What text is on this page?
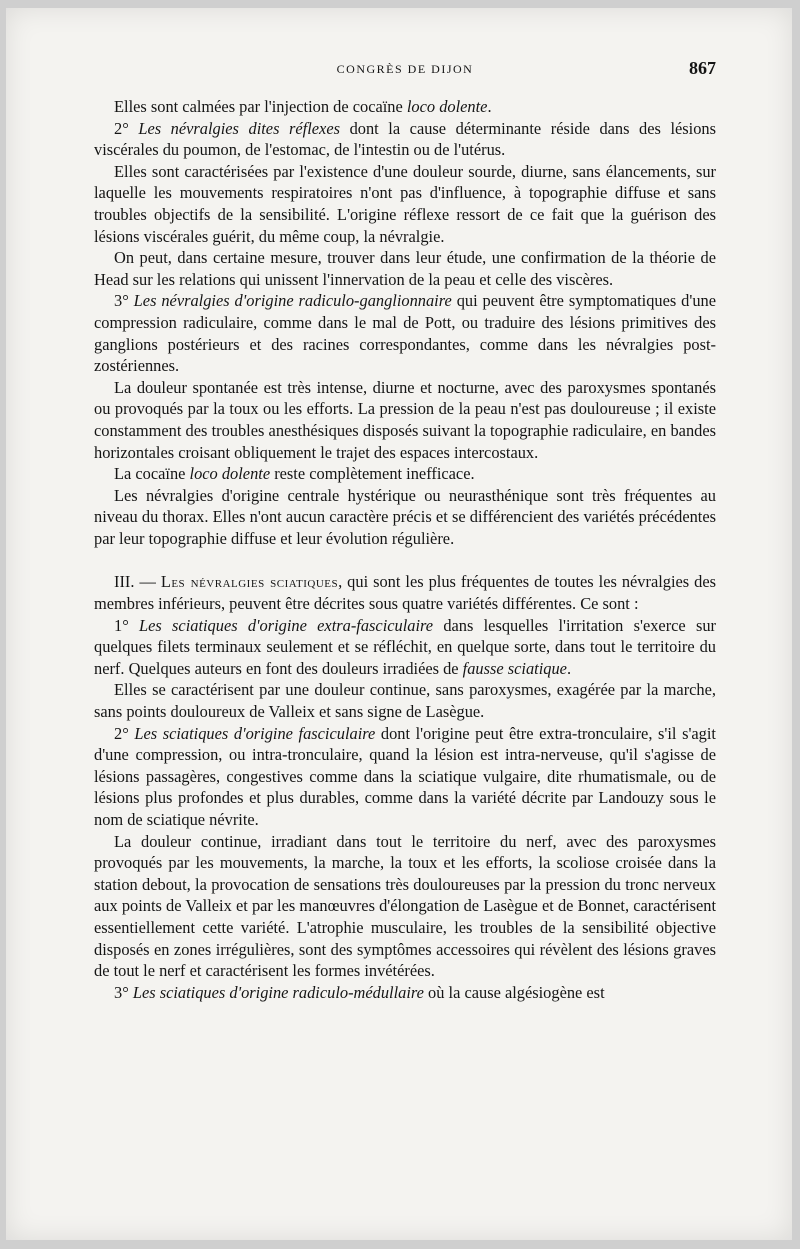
CONGRÈS DE DIJON	867

Elles sont calmées par l'injection de cocaïne loco dolente.

2° Les névralgies dites réflexes dont la cause déterminante réside dans des lésions viscérales du poumon, de l'estomac, de l'intestin ou de l'utérus.

Elles sont caractérisées par l'existence d'une douleur sourde, diurne, sans élancements, sur laquelle les mouvements respiratoires n'ont pas d'influence, à topographie diffuse et sans troubles objectifs de la sensibilité. L'origine réflexe ressort de ce fait que la guérison des lésions viscérales guérit, du même coup, la névralgie.

On peut, dans certaine mesure, trouver dans leur étude, une confirmation de la théorie de Head sur les relations qui unissent l'innervation de la peau et celle des viscères.

3° Les névralgies d'origine radiculo-ganglionnaire qui peuvent être symptomatiques d'une compression radiculaire, comme dans le mal de Pott, ou traduire des lésions primitives des ganglions postérieurs et des racines correspondantes, comme dans les névralgies post-zostériennes.

La douleur spontanée est très intense, diurne et nocturne, avec des paroxysmes spontanés ou provoqués par la toux ou les efforts. La pression de la peau n'est pas douloureuse ; il existe constamment des troubles anesthésiques disposés suivant la topographie radiculaire, en bandes horizontales croisant obliquement le trajet des espaces intercostaux.

La cocaïne loco dolente reste complètement inefficace.

Les névralgies d'origine centrale hystérique ou neurasthénique sont très fréquentes au niveau du thorax. Elles n'ont aucun caractère précis et se différencient des variétés précédentes par leur topographie diffuse et leur évolution régulière.

III. — Les névralgies sciatiques, qui sont les plus fréquentes de toutes les névralgies des membres inférieurs, peuvent être décrites sous quatre variétés différentes. Ce sont :

1° Les sciatiques d'origine extra-fasciculaire dans lesquelles l'irritation s'exerce sur quelques filets terminaux seulement et se réfléchit, en quelque sorte, dans tout le territoire du nerf. Quelques auteurs en font des douleurs irradiées de fausse sciatique.

Elles se caractérisent par une douleur continue, sans paroxysmes, exagérée par la marche, sans points douloureux de Valleix et sans signe de Lasègue.

2° Les sciatiques d'origine fasciculaire dont l'origine peut être extra-tronculaire, s'il s'agit d'une compression, ou intra-tronculaire, quand la lésion est intra-nerveuse, qu'il s'agisse de lésions passagères, congestives comme dans la sciatique vulgaire, dite rhumatismale, ou de lésions plus profondes et plus durables, comme dans la variété décrite par Landouzy sous le nom de sciatique névrite.

La douleur continue, irradiant dans tout le territoire du nerf, avec des paroxysmes provoqués par les mouvements, la marche, la toux et les efforts, la scoliose croisée dans la station debout, la provocation de sensations très douloureuses par la pression du tronc nerveux aux points de Valleix et par les manœuvres d'élongation de Lasègue et de Bonnet, caractérisent essentiellement cette variété. L'atrophie musculaire, les troubles de la sensibilité objective disposés en zones irrégulières, sont des symptômes accessoires qui révèlent des lésions graves de tout le nerf et caractérisent les formes invétérées.

3° Les sciatiques d'origine radiculo-médullaire où la cause algésiogène est
